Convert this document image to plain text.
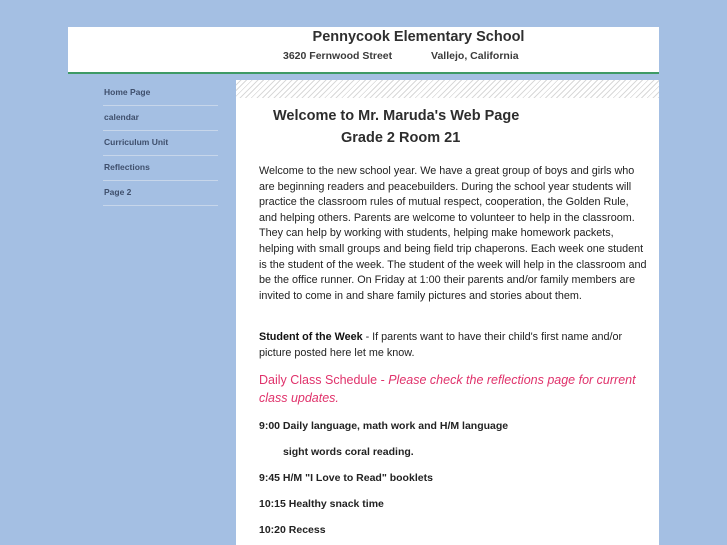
Pennycook Elementary School
3620 Fernwood Street	Vallejo, California
Home Page
calendar
Curriculum Unit
Reflections
Page 2
Welcome to Mr. Maruda's Web Page
Grade 2 Room 21
Welcome to the new school year. We have a great group of boys and girls who are beginning readers and peacebuilders. During the school year students will practice the classroom rules of mutual respect, cooperation, the Golden Rule, and helping others. Parents are welcome to volunteer to help in the classroom. They can help by working with students, helping make homework packets, helping with small groups and being field trip chaperons. Each week one student is the student of the week. The student of the week will help in the classroom and be the office runner. On Friday at 1:00 their parents and/or family members are invited to come in and share family pictures and stories about them.
Student of the Week - If parents want to have their child's first name and/or picture posted here let me know.
Daily Class Schedule - Please check the reflections page for current class updates.
9:00 Daily language, math work and H/M language
sight words coral reading.
9:45 H/M "I Love to Read" booklets
10:15 Healthy snack time
10:20 Recess
